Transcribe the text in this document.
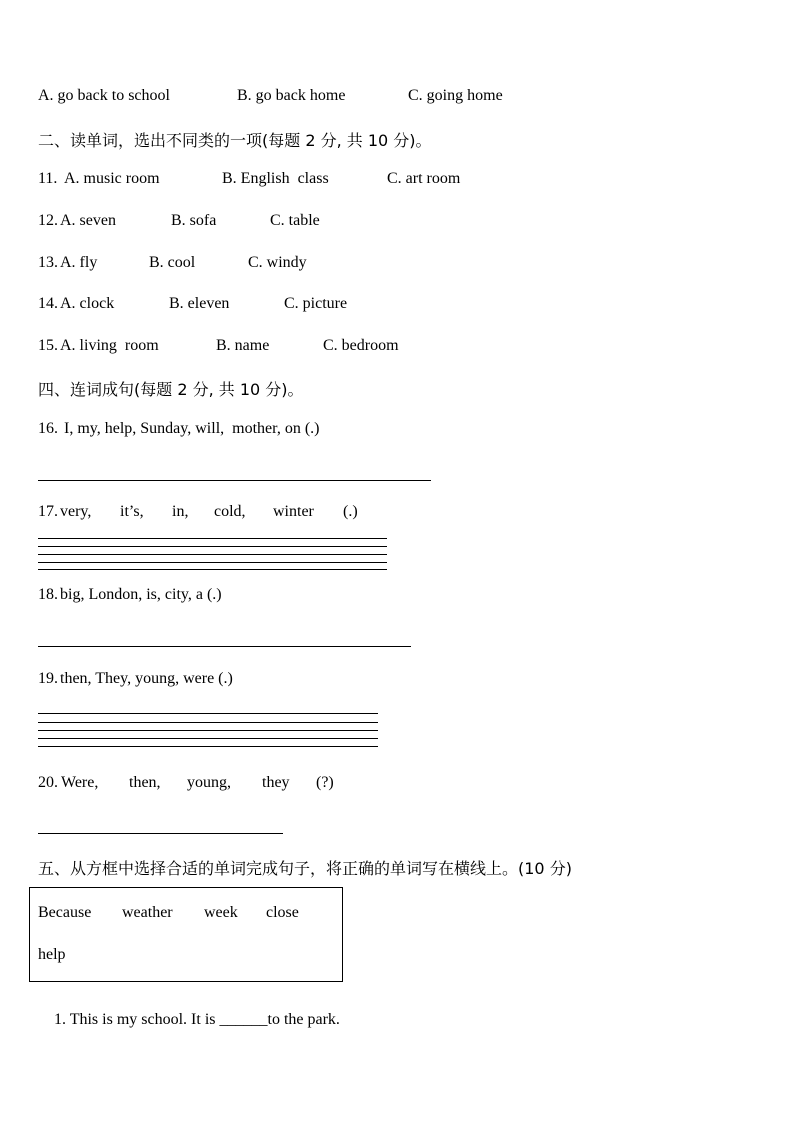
A. go back to school	B. go back home	C. going home
二、读单词，选出不同类的一项(每题 2 分, 共 10 分)。
11. A. music room	B. English  class	C. art room
12. A. seven	B. sofa	C. table
13. A. fly	B. cool	C. windy
14. A. clock	B. eleven	C. picture
15. A. living  room	B. name	C. bedroom
四、连词成句(每题 2 分, 共 10 分)。
16. I, my, help, Sunday, will,  mother, on (.)
17. very, it’s, in, cold, winter (.)
18. big, London, is, city, a (.)
19. then, They, young, were (.)
20. Were, then, young, they (?)
五、从方框中选择合适的单词完成句子，将正确的单词写在横线上。(10 分)
Because weather week close
help

1. This is my school. It is ______to the park.
